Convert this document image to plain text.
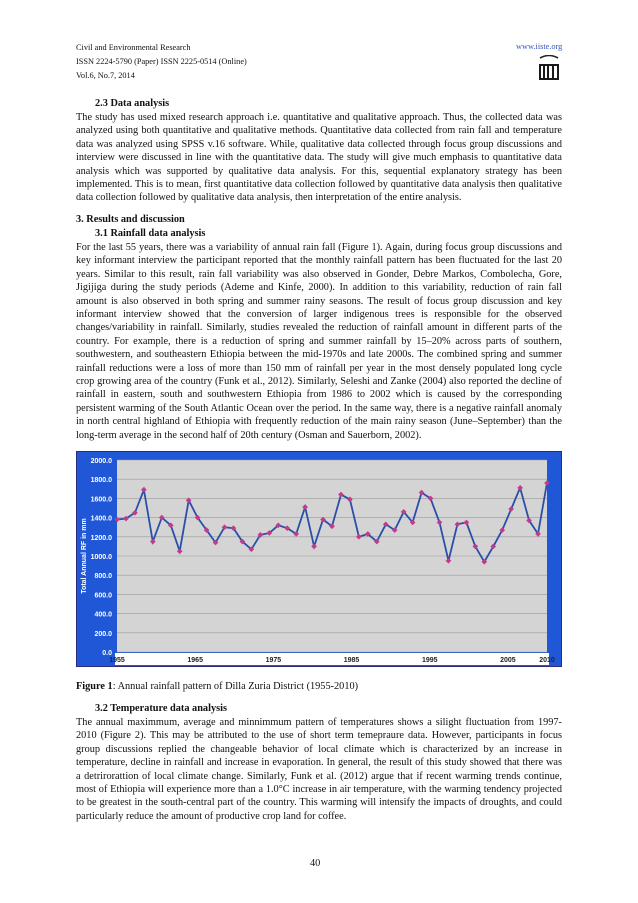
Civil and Environmental Research
ISSN 2224-5790 (Paper) ISSN 2225-0514 (Online)
Vol.6, No.7, 2014
www.iiste.org
2.3 Data analysis

The study has used mixed research approach i.e. quantitative and qualitative approach. Thus, the collected data was analyzed using both quantitative and qualitative methods. Quantitative data collected from rain fall and temperature data was analyzed using SPSS v.16 software. While, qualitative data collected through focus group discussions and interview were discussed in line with the quantitative data. The study will give much emphasis to quantitative data analysis which was supported by qualitative data analysis. For this, sequential explanatory strategy has been implemented. This is to mean, first quantitative data collection followed by quantitative data analysis then qualitative data collection followed by qualitative data analysis, then interpretation of the entire analysis.

3. Results and discussion
3.1 Rainfall data analysis

For the last 55 years, there was a variability of annual rain fall (Figure 1). Again, during focus group discussions and key informant interview the participant reported that the monthly rainfall pattern has been fluctuated for the last 20 years. Similar to this result, rain fall variability was also observed in Gonder, Debre Markos, Combolecha, Gore, Jigijiga during the study periods (Ademe and Kinfe, 2000). In addition to this variability, reduction of rain fall amount is also observed in both spring and summer rainy seasons. The result of focus group discussion and key informant interview showed that the conversion of larger indigenous trees is responsible for the observed changes/variability in rainfall. Similarly, studies revealed the reduction of rainfall amount in different parts of the country. For example, there is a reduction of spring and summer rainfall by 15–20% across parts of southern, southwestern, and southeastern Ethiopia between the mid-1970s and late 2000s. The combined spring and summer rainfall reductions were a loss of more than 150 mm of rainfall per year in the most densely populated long cycle crop growing area of the country (Funk et al., 2012). Similarly, Seleshi and Zanke (2004) also reported the decline of rainfall in eastern, south and southwestern Ethiopia from 1986 to 2002 which is caused by the corresponding persistent warming of the South Atlantic Ocean over the period. In the same way, there is a negative rainfall anomaly in north central highland of Ethiopia with frequently reduction of the main rainy season (June–September) than the long-term average in the second half of 20th century (Osman and Sauerborn, 2002).

0.0
200.0
400.0
600.0
800.0
1000.0
1200.0
1400.0
1600.0
1800.0
2000.0
Total Annual RF in mm
1955	1965	1975	1985	1995	2005	2010
Figure 1: Annual rainfall pattern of Dilla Zuria District (1955-2010)
3.2 Temperature data analysis

The annual maximmum, average and minnimmum pattern of temperatures shows a silight fluctuation from 1997-2010 (Figure 2). This may be attributed to the use of short term temepraure data. However, participants in focus group discussions replied the changeable behavior of local climate which is characterized by an increase in temperature, decline in rainfall and increase in evaporation. In general, the result of this study showed that there was a detrirorattion of local climate change. Similarly, Funk et al. (2012) argue that if recent warming trends continue, most of Ethiopia will experience more than a 1.0°C increase in air temperature, with the warming tendency projected to be greatest in the south-central part of the country. This warming will intensify the impacts of droughts, and could particularly reduce the amount of productive crop land for coffee.

40
